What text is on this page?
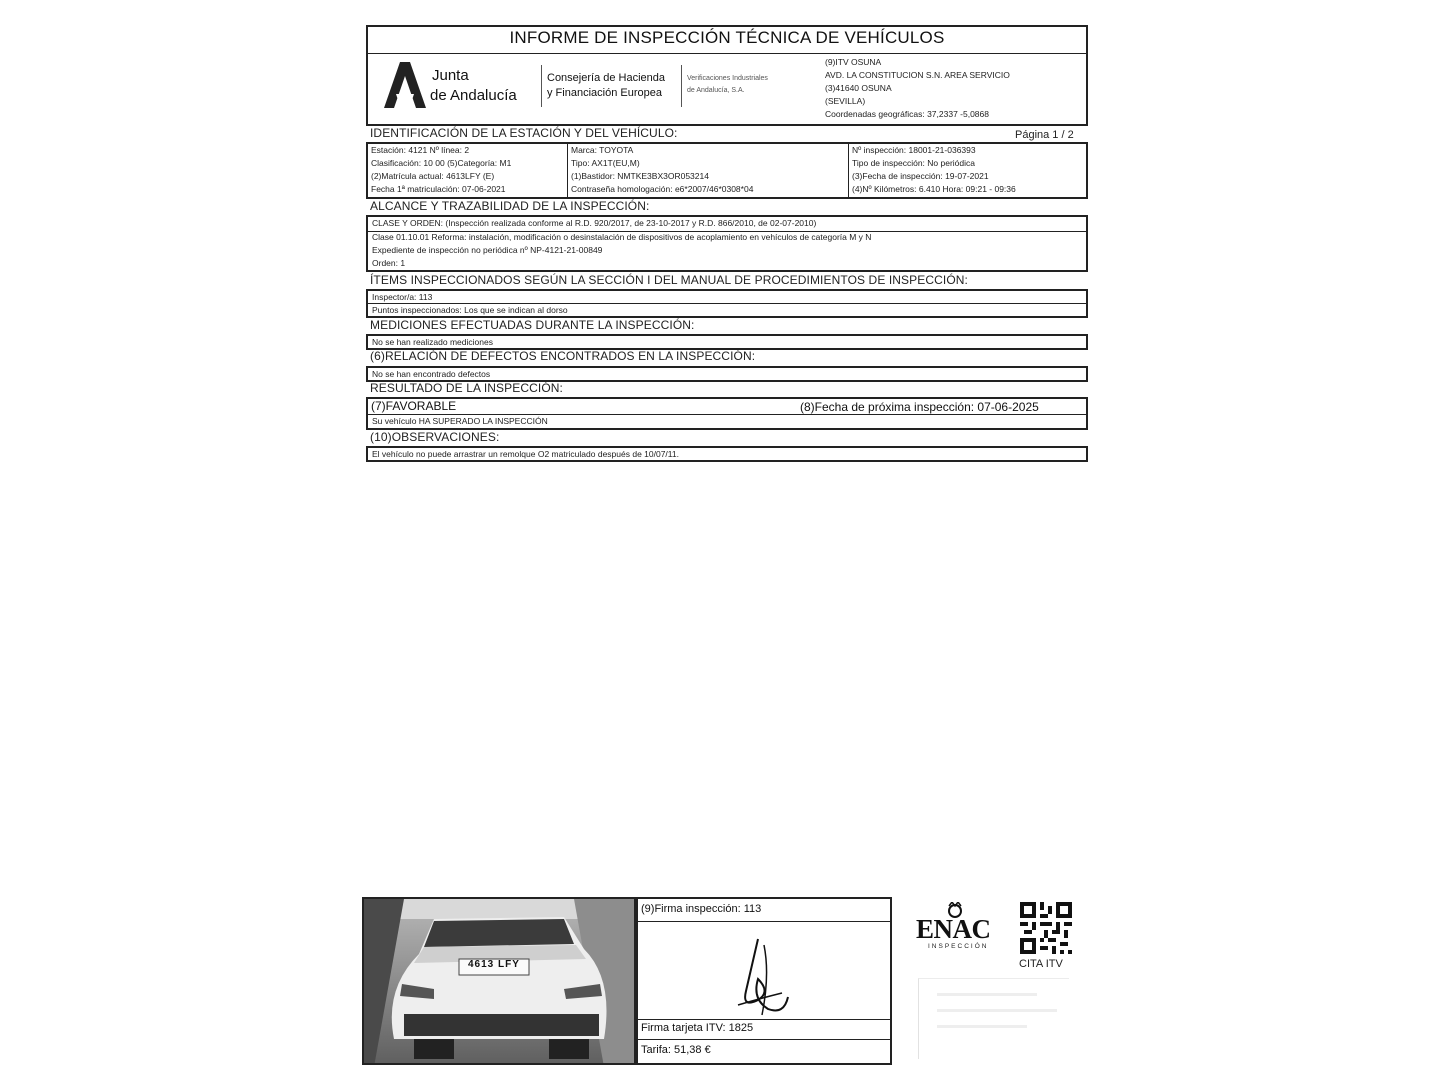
INFORME DE INSPECCIÓN TÉCNICA DE VEHÍCULOS
Junta
de Andalucía
Consejería de Hacienda
y Financiación Europea
Verificaciones Industriales
de Andalucía, S.A.
(9)ITV OSUNA
AVD. LA CONSTITUCION S.N. AREA SERVICIO
(3)41640 OSUNA
(SEVILLA)
Coordenadas geográficas: 37,2337 -5,0868
IDENTIFICACIÓN DE LA ESTACIÓN Y DEL VEHÍCULO:	Página 1 / 2
Estación: 4121 Nº línea: 2
Clasificación: 10 00 (5)Categoría: M1
(2)Matrícula actual: 4613LFY (E)
Fecha 1ª matriculación: 07-06-2021
Marca: TOYOTA
Tipo: AX1T(EU,M)
(1)Bastidor: NMTKE3BX3OR053214
Contraseña homologación: e6*2007/46*0308*04
Nº inspección: 18001-21-036393
Tipo de inspección: No periódica
(3)Fecha de inspección: 19-07-2021
(4)Nº Kilómetros: 6.410 Hora: 09:21 - 09:36
ALCANCE Y TRAZABILIDAD DE LA INSPECCIÓN:
CLASE Y ORDEN: (Inspección realizada conforme al R.D. 920/2017, de 23-10-2017 y R.D. 866/2010, de 02-07-2010)
Clase 01.10.01 Reforma: instalación, modificación o desinstalación de dispositivos de acoplamiento en vehículos de categoría M y N
Expediente de inspección no periódica nº NP-4121-21-00849
Orden: 1
ÍTEMS INSPECCIONADOS SEGÚN LA SECCIÓN I DEL MANUAL DE PROCEDIMIENTOS DE INSPECCIÓN:
Inspector/a: 113
Puntos inspeccionados: Los que se indican al dorso
MEDICIONES EFECTUADAS DURANTE LA INSPECCIÓN:
No se han realizado mediciones
(6)RELACIÓN DE DEFECTOS ENCONTRADOS EN LA INSPECCIÓN:
No se han encontrado defectos
RESULTADO DE LA INSPECCIÓN:
(7)FAVORABLE	(8)Fecha de próxima inspección: 07-06-2025
Su vehículo HA SUPERADO LA INSPECCIÓN
(10)OBSERVACIONES:
El vehículo no puede arrastrar un remolque O2 matriculado después de 10/07/11.
4613 LFY
(9)Firma inspección: 113
Firma tarjeta ITV: 1825
Tarifa: 51,38 €
ENAC
INSPECCIÓN
CITA ITV
